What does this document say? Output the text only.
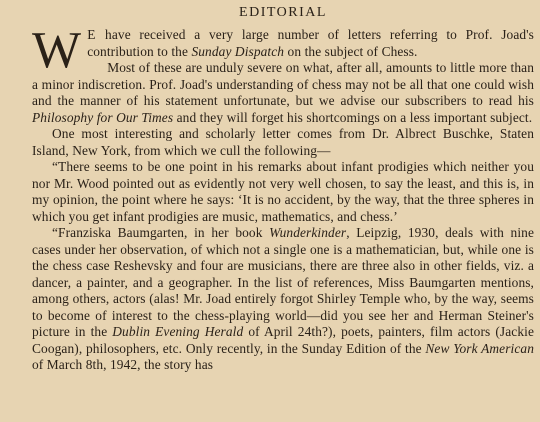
EDITORIAL

WE have received a very large number of letters referring to Prof. Joad's contribution to the Sunday Dispatch on the subject of Chess.

Most of these are unduly severe on what, after all, amounts to little more than a minor indiscretion. Prof. Joad's understanding of chess may not be all that one could wish and the manner of his statement unfortunate, but we advise our subscribers to read his Philosophy for Our Times and they will forget his shortcomings on a less important subject.

One most interesting and scholarly letter comes from Dr. Albrect Buschke, Staten Island, New York, from which we cull the following—

“There seems to be one point in his remarks about infant prodigies which neither you nor Mr. Wood pointed out as evidently not very well chosen, to say the least, and this is, in my opinion, the point where he says: ‘It is no accident, by the way, that the three spheres in which you get infant prodigies are music, mathematics, and chess.’

“Franziska Baumgarten, in her book Wunderkinder, Leipzig, 1930, deals with nine cases under her observation, of which not a single one is a mathematician, but, while one is the chess case Reshevsky and four are musicians, there are three also in other fields, viz. a dancer, a painter, and a geographer. In the list of references, Miss Baumgarten mentions, among others, actors (alas! Mr. Joad entirely forgot Shirley Temple who, by the way, seems to become of interest to the chess-playing world—did you see her and Herman Steiner's picture in the Dublin Evening Herald of April 24th?), poets, painters, film actors (Jackie Coogan), philosophers, etc. Only recently, in the Sunday Edition of the New York American of March 8th, 1942, the story has
